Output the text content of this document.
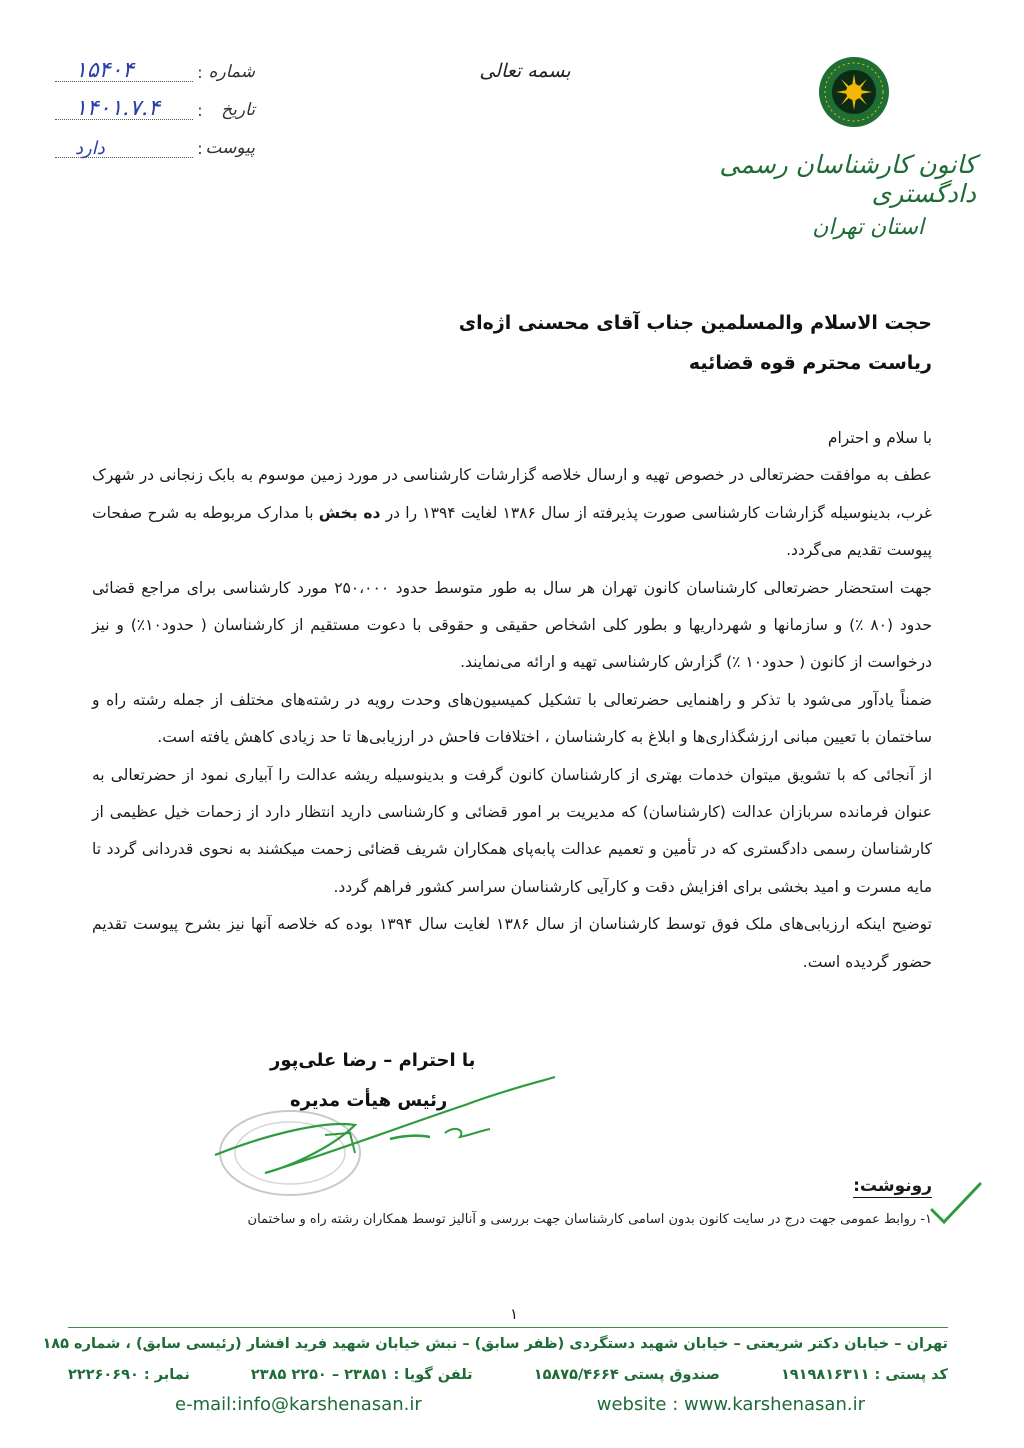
کانون کارشناسان رسمی دادگستری
استان تهران
بسمه تعالی
شماره
:
۱۵۴۰۴
تاریخ
:
۱۴۰۱.۷.۴
پیوست
:
دارد
حجت الاسلام والمسلمین جناب آقای محسنی اژه‌ای
ریاست محترم قوه قضائیه

با سلام و احترام

عطف به موافقت حضرتعالی در خصوص تهیه و ارسال خلاصه گزارشات کارشناسی در مورد زمین موسوم به بابک زنجانی در شهرک غرب، بدینوسیله گزارشات کارشناسی صورت پذیرفته از سال ۱۳۸۶ لغایت ۱۳۹۴ را در ده بخش با مدارک مربوطه به شرح صفحات پیوست تقدیم می‌گردد.

جهت استحضار حضرتعالی کارشناسان کانون تهران هر سال به طور متوسط حدود ۲۵۰،۰۰۰ مورد کارشناسی برای مراجع قضائی حدود (۸۰ ٪) و سازمانها و شهرداریها و بطور کلی اشخاص حقیقی و حقوقی با دعوت مستقیم از کارشناسان ( حدود۱۰٪) و نیز درخواست از کانون ( حدود۱۰ ٪) گزارش کارشناسی تهیه و ارائه می‌نمایند.

ضمناً یادآور می‌شود با تذکر و راهنمایی حضرتعالی با تشکیل کمیسیون‌های وحدت رویه در رشته‌های مختلف از جمله رشته راه و ساختمان با تعیین مبانی ارزشگذاری‌ها و ابلاغ به کارشناسان ، اختلافات فاحش در ارزیابی‌ها تا حد زیادی کاهش یافته است.

از آنجائی که با تشویق میتوان خدمات بهتری از کارشناسان کانون گرفت و بدینوسیله ریشه عدالت را آبیاری نمود از حضرتعالی به عنوان فرمانده سربازان عدالت (کارشناسان) که مدیریت بر امور قضائی و کارشناسی دارید انتظار دارد از زحمات خیل عظیمی از کارشناسان رسمی دادگستری که در تأمین و تعمیم عدالت پابه‌پای همکاران شریف قضائی زحمت میکشند به نحوی قدردانی گردد تا مایه مسرت و امید بخشی برای افزایش دقت و کارآیی کارشناسان سراسر کشور فراهم گردد.

توضیح اینکه ارزیابی‌های ملک فوق توسط کارشناسان از سال ۱۳۸۶ لغایت سال ۱۳۹۴ بوده که خلاصه آنها نیز بشرح پیوست تقدیم حضور گردیده است.

با احترام – رضا علی‌پور
رئیس هیأت مدیره
رونوشت:
۱- روابط عمومی جهت درج در سایت کانون بدون اسامی کارشناسان جهت بررسی و آنالیز توسط همکاران رشته راه و ساختمان
۱
تهران – خیابان دکتر شریعتی – خیابان شهید دستگردی (ظفر سابق) – نبش خیابان شهید فرید افشار (رئیسی سابق) ، شماره ۱۸۵
کد پستی : ۱۹۱۹۸۱۶۳۱۱
صندوق پستی ۱۵۸۷۵/۴۶۶۴
تلفن گویا : ۲۳۸۵۱ – ۲۲۵۰ ۲۳۸۵
نمابر : ۲۲۲۶۰۶۹۰
e-mail:info@karshenasan.ir	website : www.karshenasan.ir
